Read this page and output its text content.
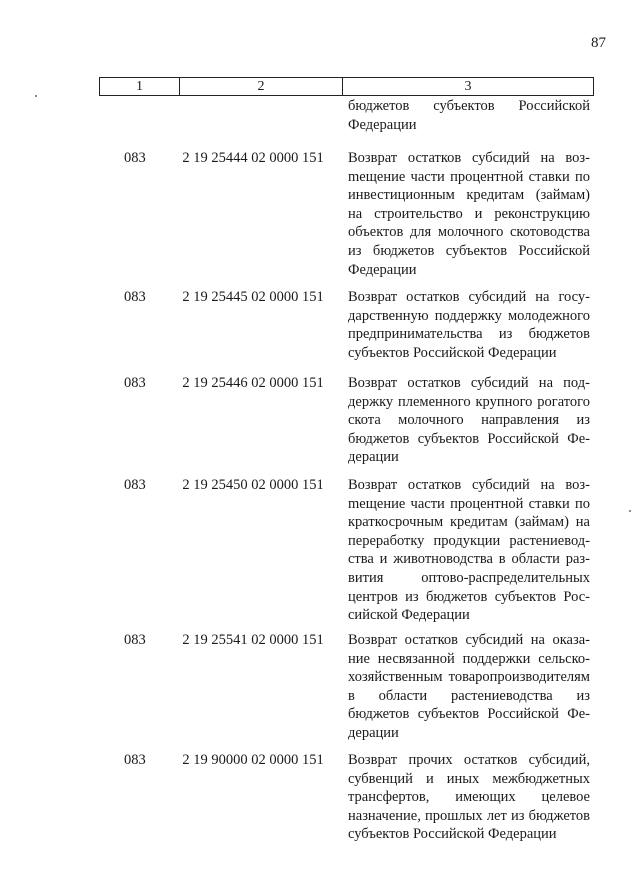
87
1	2	3
бюджетов субъектов Российской Федерации
083	2 19 25444 02 0000 151	Возврат остатков субсидий на возmещение части процентной ставки по инвестиционным кредитам (займам) на строительство и реконструкцию объектов для молочного скотоводства из бюджетов субъектов Российской Федерации
083	2 19 25445 02 0000 151	Возврат остатков субсидий на государственную поддержку молодежного предпринимательства из бюджетов субъектов Российской Федерации
083	2 19 25446 02 0000 151	Возврат остатков субсидий на поддержку племенного крупного рогатого скота молочного направления из бюджетов субъектов Российской Федерации
083	2 19 25450 02 0000 151	Возврат остатков субсидий на возmещение части процентной ставки по краткосрочным кредитам (займам) на переработку продукции растениеводства и животноводства в области развития оптово-распределительных центров из бюджетов субъектов Российской Федерации
083	2 19 25541 02 0000 151	Возврат остатков субсидий на оказание несвязанной поддержки сельскохозяйственным товаропроизводителям в области растениеводства из бюджетов субъектов Российской Федерации
083	2 19 90000 02 0000 151	Возврат прочих остатков субсидий, субвенций и иных межбюджетных трансфертов, имеющих целевое назначение, прошлых лет из бюджетов субъектов Российской Федерации
